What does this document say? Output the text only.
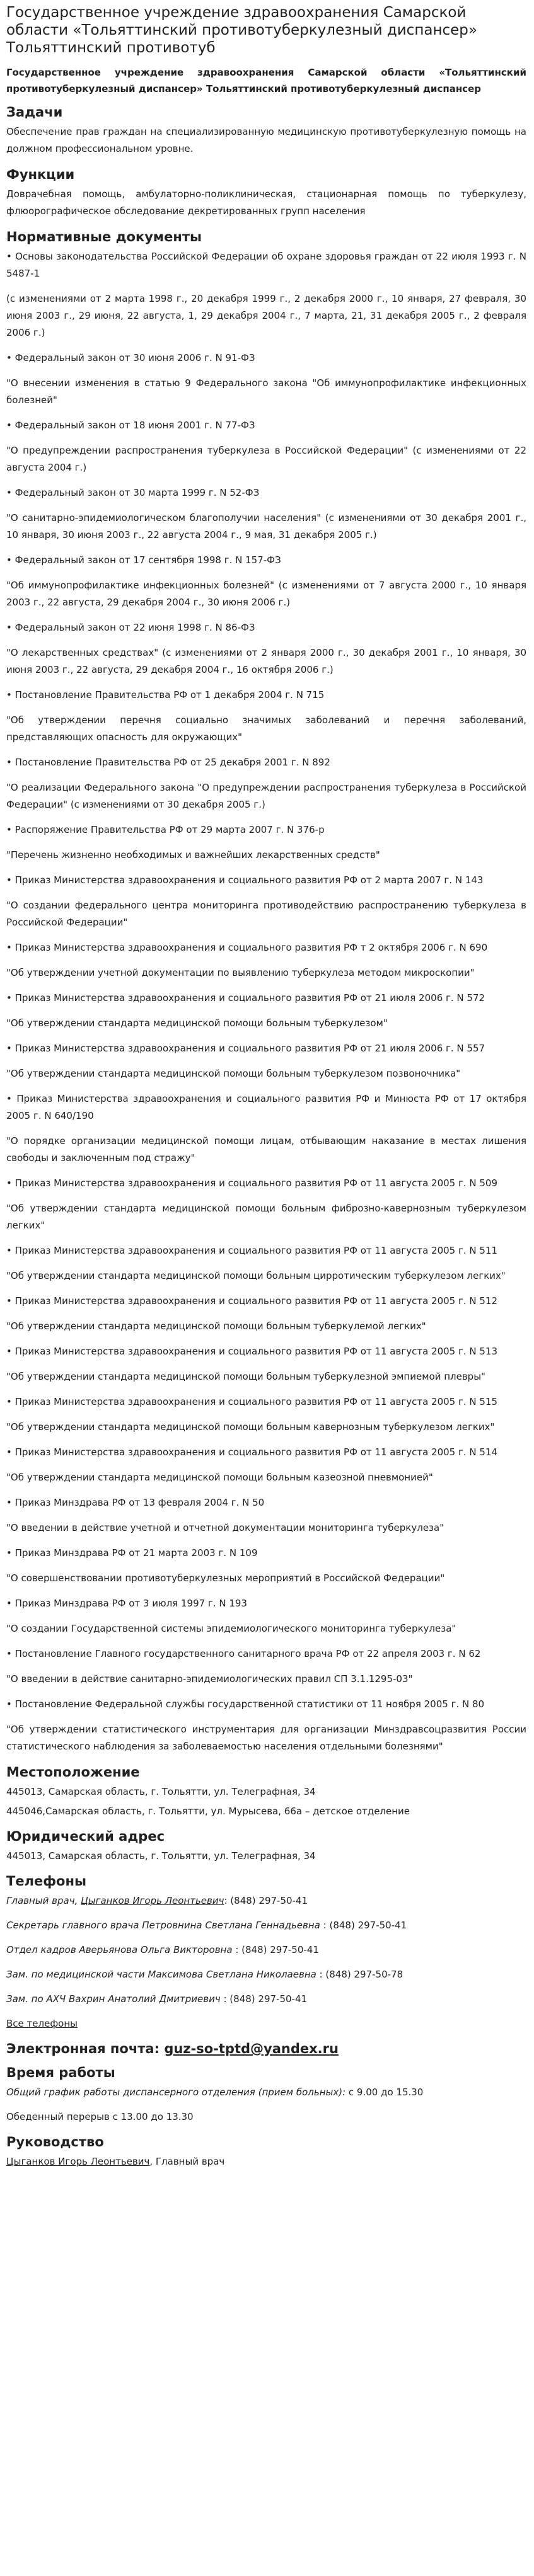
Государственное учреждение здравоохранения Самарской области «Тольяттинский противотуберкулезный диспансер» Тольяттинский противотуб
Государственное учреждение здравоохранения Самарской области «Тольяттинский противотуберкулезный диспансер» Тольяттинский противотуберкулезный диспансер
Задачи

Обеспечение прав граждан на специализированную медицинскую противотуберкулезную помощь на должном профессиональном уровне.

Функции

Доврачебная помощь, амбулаторно-поликлиническая, стационарная помощь по туберкулезу, флюорографическое обследование декретированных групп населения

Нормативные документы

• Основы законодательства Российской Федерации об охране здоровья граждан от 22 июля 1993 г. N 5487-1

(с изменениями от 2 марта 1998 г., 20 декабря 1999 г., 2 декабря 2000 г., 10 января, 27 февраля, 30 июня 2003 г., 29 июня, 22 августа, 1, 29 декабря 2004 г., 7 марта, 21, 31 декабря 2005 г., 2 февраля 2006 г.)

• Федеральный закон от 30 июня 2006 г. N 91-ФЗ

"О внесении изменения в статью 9 Федерального закона "Об иммунопрофилактике инфекционных болезней"

• Федеральный закон от 18 июня 2001 г. N 77-ФЗ

"О предупреждении распространения туберкулеза в Российской Федерации" (с изменениями от 22 августа 2004 г.)

• Федеральный закон от 30 марта 1999 г. N 52-ФЗ

"О санитарно-эпидемиологическом благополучии населения" (с изменениями от 30 декабря 2001 г., 10 января, 30 июня 2003 г., 22 августа 2004 г., 9 мая, 31 декабря 2005 г.)

• Федеральный закон от 17 сентября 1998 г. N 157-ФЗ

"Об иммунопрофилактике инфекционных болезней" (с изменениями от 7 августа 2000 г., 10 января 2003 г., 22 августа, 29 декабря 2004 г., 30 июня 2006 г.)

• Федеральный закон от 22 июня 1998 г. N 86-ФЗ

"О лекарственных средствах" (с изменениями от 2 января 2000 г., 30 декабря 2001 г., 10 января, 30 июня 2003 г., 22 августа, 29 декабря 2004 г., 16 октября 2006 г.)

• Постановление Правительства РФ от 1 декабря 2004 г. N 715

"Об утверждении перечня социально значимых заболеваний и перечня заболеваний, представляющих опасность для окружающих"

• Постановление Правительства РФ от 25 декабря 2001 г. N 892

"О реализации Федерального закона "О предупреждении распространения туберкулеза в Российской Федерации" (с изменениями от 30 декабря 2005 г.)

• Распоряжение Правительства РФ от 29 марта 2007 г. N 376-р

"Перечень жизненно необходимых и важнейших лекарственных средств"

• Приказ Министерства здравоохранения и социального развития РФ от 2 марта 2007 г. N 143

"О создании федерального центра мониторинга противодействию распространению туберкулеза в Российской Федерации"

• Приказ Министерства здравоохранения и социального развития РФ т 2 октября 2006 г. N 690

"Об утверждении учетной документации по выявлению туберкулеза методом микроскопии"

• Приказ Министерства здравоохранения и социального развития РФ от 21 июля 2006 г. N 572

"Об утверждении стандарта медицинской помощи больным туберкулезом"

• Приказ Министерства здравоохранения и социального развития РФ от 21 июля 2006 г. N 557

"Об утверждении стандарта медицинской помощи больным туберкулезом позвоночника"

• Приказ Министерства здравоохранения и социального развития РФ и Минюста РФ от 17 октября 2005 г. N 640/190

"О порядке организации медицинской помощи лицам, отбывающим наказание в местах лишения свободы и заключенным под стражу"

• Приказ Министерства здравоохранения и социального развития РФ от 11 августа 2005 г. N 509

"Об утверждении стандарта медицинской помощи больным фиброзно-кавернозным туберкулезом легких"

• Приказ Министерства здравоохранения и социального развития РФ от 11 августа 2005 г. N 511

"Об утверждении стандарта медицинской помощи больным цирротическим туберкулезом легких"

• Приказ Министерства здравоохранения и социального развития РФ от 11 августа 2005 г. N 512

"Об утверждении стандарта медицинской помощи больным туберкулемой легких"

• Приказ Министерства здравоохранения и социального развития РФ от 11 августа 2005 г. N 513

"Об утверждении стандарта медицинской помощи больным туберкулезной эмпиемой плевры"

• Приказ Министерства здравоохранения и социального развития РФ от 11 августа 2005 г. N 515

"Об утверждении стандарта медицинской помощи больным кавернозным туберкулезом легких"

• Приказ Министерства здравоохранения и социального развития РФ от 11 августа 2005 г. N 514

"Об утверждении стандарта медицинской помощи больным казеозной пневмонией"

• Приказ Минздрава РФ от 13 февраля 2004 г. N 50

"О введении в действие учетной и отчетной документации мониторинга туберкулеза"

• Приказ Минздрава РФ от 21 марта 2003 г. N 109

"О совершенствовании противотуберкулезных мероприятий в Российской Федерации"

• Приказ Минздрава РФ от 3 июля 1997 г. N 193

"О создании Государственной системы эпидемиологического мониторинга туберкулеза"

• Постановление Главного государственного санитарного врача РФ от 22 апреля 2003 г. N 62

"О введении в действие санитарно-эпидемиологических правил СП 3.1.1295-03"

• Постановление Федеральной службы государственной статистики от 11 ноября 2005 г. N 80

"Об утверждении статистического инструментария для организации Минздравсоцразвития России статистического наблюдения за заболеваемостью населения отдельными болезнями"

Местоположение

445013, Самарская область, г. Тольятти, ул. Телеграфная, 34

445046,Самарская область, г. Тольятти, ул. Мурысева, 66а – детское отделение

Юридический адрес

445013, Самарская область, г. Тольятти, ул. Телеграфная, 34

Телефоны

Главный врач, Цыганков Игорь Леонтьевич: (848) 297-50-41

Секретарь главного врача Петровнина Светлана Геннадьевна : (848) 297-50-41

Отдел кадров Аверьянова Ольга Викторовна : (848) 297-50-41

Зам. по медицинской части Максимова Светлана Николаевна : (848) 297-50-78

Зам. по АХЧ Вахрин Анатолий Дмитриевич : (848) 297-50-41

Все телефоны

Электронная почта: guz-so-tptd@yandex.ru
Время работы

Общий график работы диспансерного отделения (прием больных): с 9.00 до 15.30

Обеденный перерыв с 13.00 до 13.30

Руководство

Цыганков Игорь Леонтьевич, Главный врач
